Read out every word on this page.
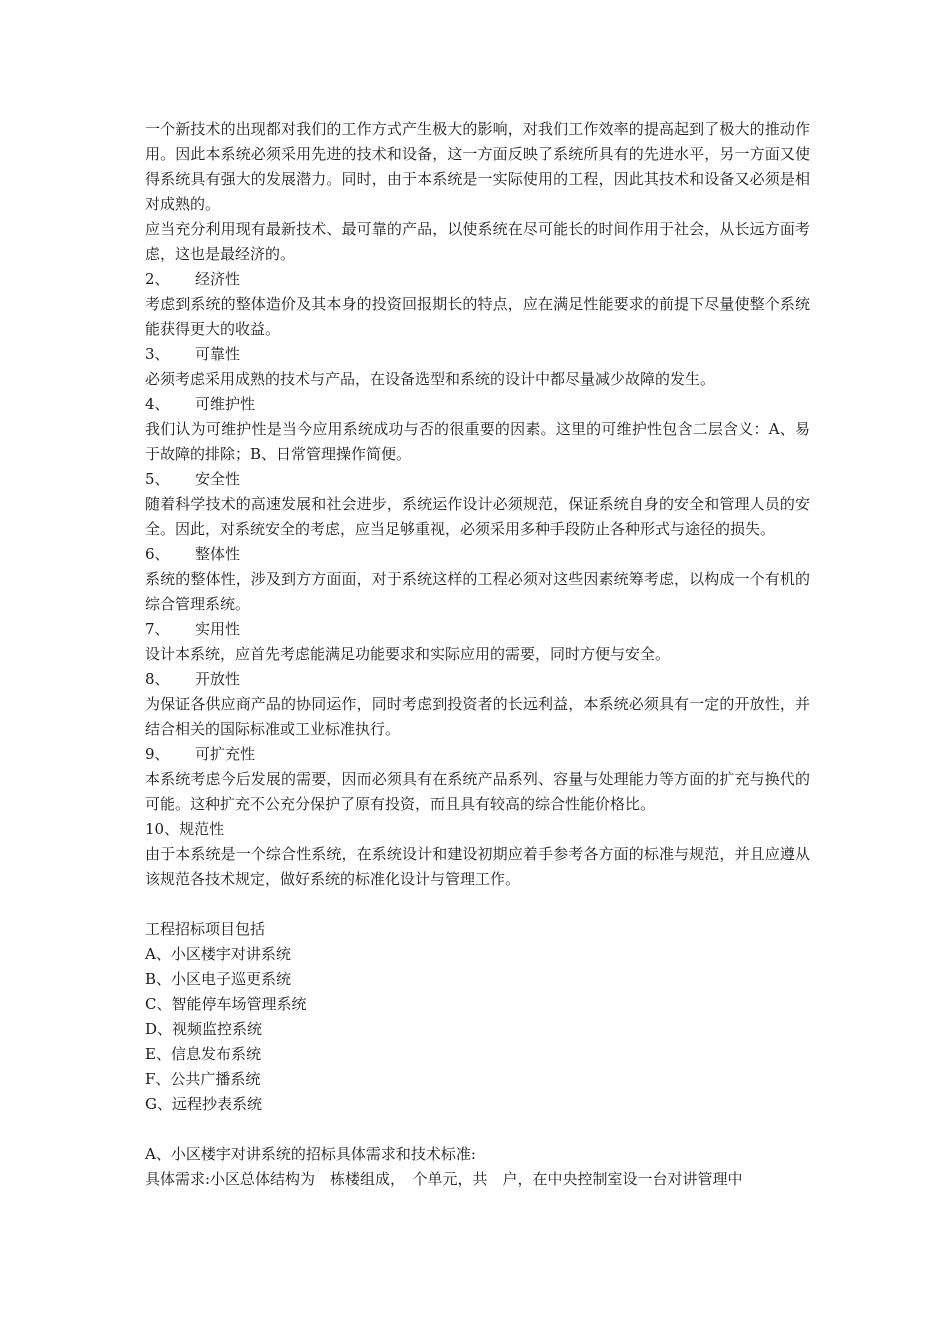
一个新技术的出现都对我们的工作方式产生极大的影响，对我们工作效率的提高起到了极大的推动作用。因此本系统必须采用先进的技术和设备，这一方面反映了系统所具有的先进水平，另一方面又使得系统具有强大的发展潜力。同时，由于本系统是一实际使用的工程，因此其技术和设备又必须是相对成熟的。

应当充分利用现有最新技术、最可靠的产品，以使系统在尽可能长的时间作用于社会，从长远方面考虑，这也是最经济的。

2、 经济性

考虑到系统的整体造价及其本身的投资回报期长的特点，应在满足性能要求的前提下尽量使整个系统能获得更大的收益。

3、 可靠性

必须考虑采用成熟的技术与产品，在设备选型和系统的设计中都尽量减少故障的发生。

4、 可维护性

我们认为可维护性是当今应用系统成功与否的很重要的因素。这里的可维护性包含二层含义：A、易于故障的排除；B、日常管理操作简便。

5、 安全性

随着科学技术的高速发展和社会进步，系统运作设计必须规范，保证系统自身的安全和管理人员的安全。因此，对系统安全的考虑，应当足够重视，必须采用多种手段防止各种形式与途径的损失。

6、 整体性

系统的整体性，涉及到方方面面，对于系统这样的工程必须对这些因素统筹考虑，以构成一个有机的综合管理系统。

7、 实用性

设计本系统，应首先考虑能满足功能要求和实际应用的需要，同时方便与安全。

8、 开放性

为保证各供应商产品的协同运作，同时考虑到投资者的长远利益，本系统必须具有一定的开放性，并结合相关的国际标准或工业标准执行。

9、 可扩充性

本系统考虑今后发展的需要，因而必须具有在系统产品系列、容量与处理能力等方面的扩充与换代的可能。这种扩充不公充分保护了原有投资，而且具有较高的综合性能价格比。

10、规范性

由于本系统是一个综合性系统，在系统设计和建设初期应着手参考各方面的标准与规范，并且应遵从该规范各技术规定，做好系统的标准化设计与管理工作。

工程招标项目包括

A、小区楼宇对讲系统

B、小区电子巡更系统

C、智能停车场管理系统

D、视频监控系统

E、信息发布系统

F、公共广播系统

G、远程抄表系统

A、小区楼宇对讲系统的招标具体需求和技术标准:

具体需求:小区总体结构为　栋楼组成，　个单元，共　户，在中央控制室设一台对讲管理中
